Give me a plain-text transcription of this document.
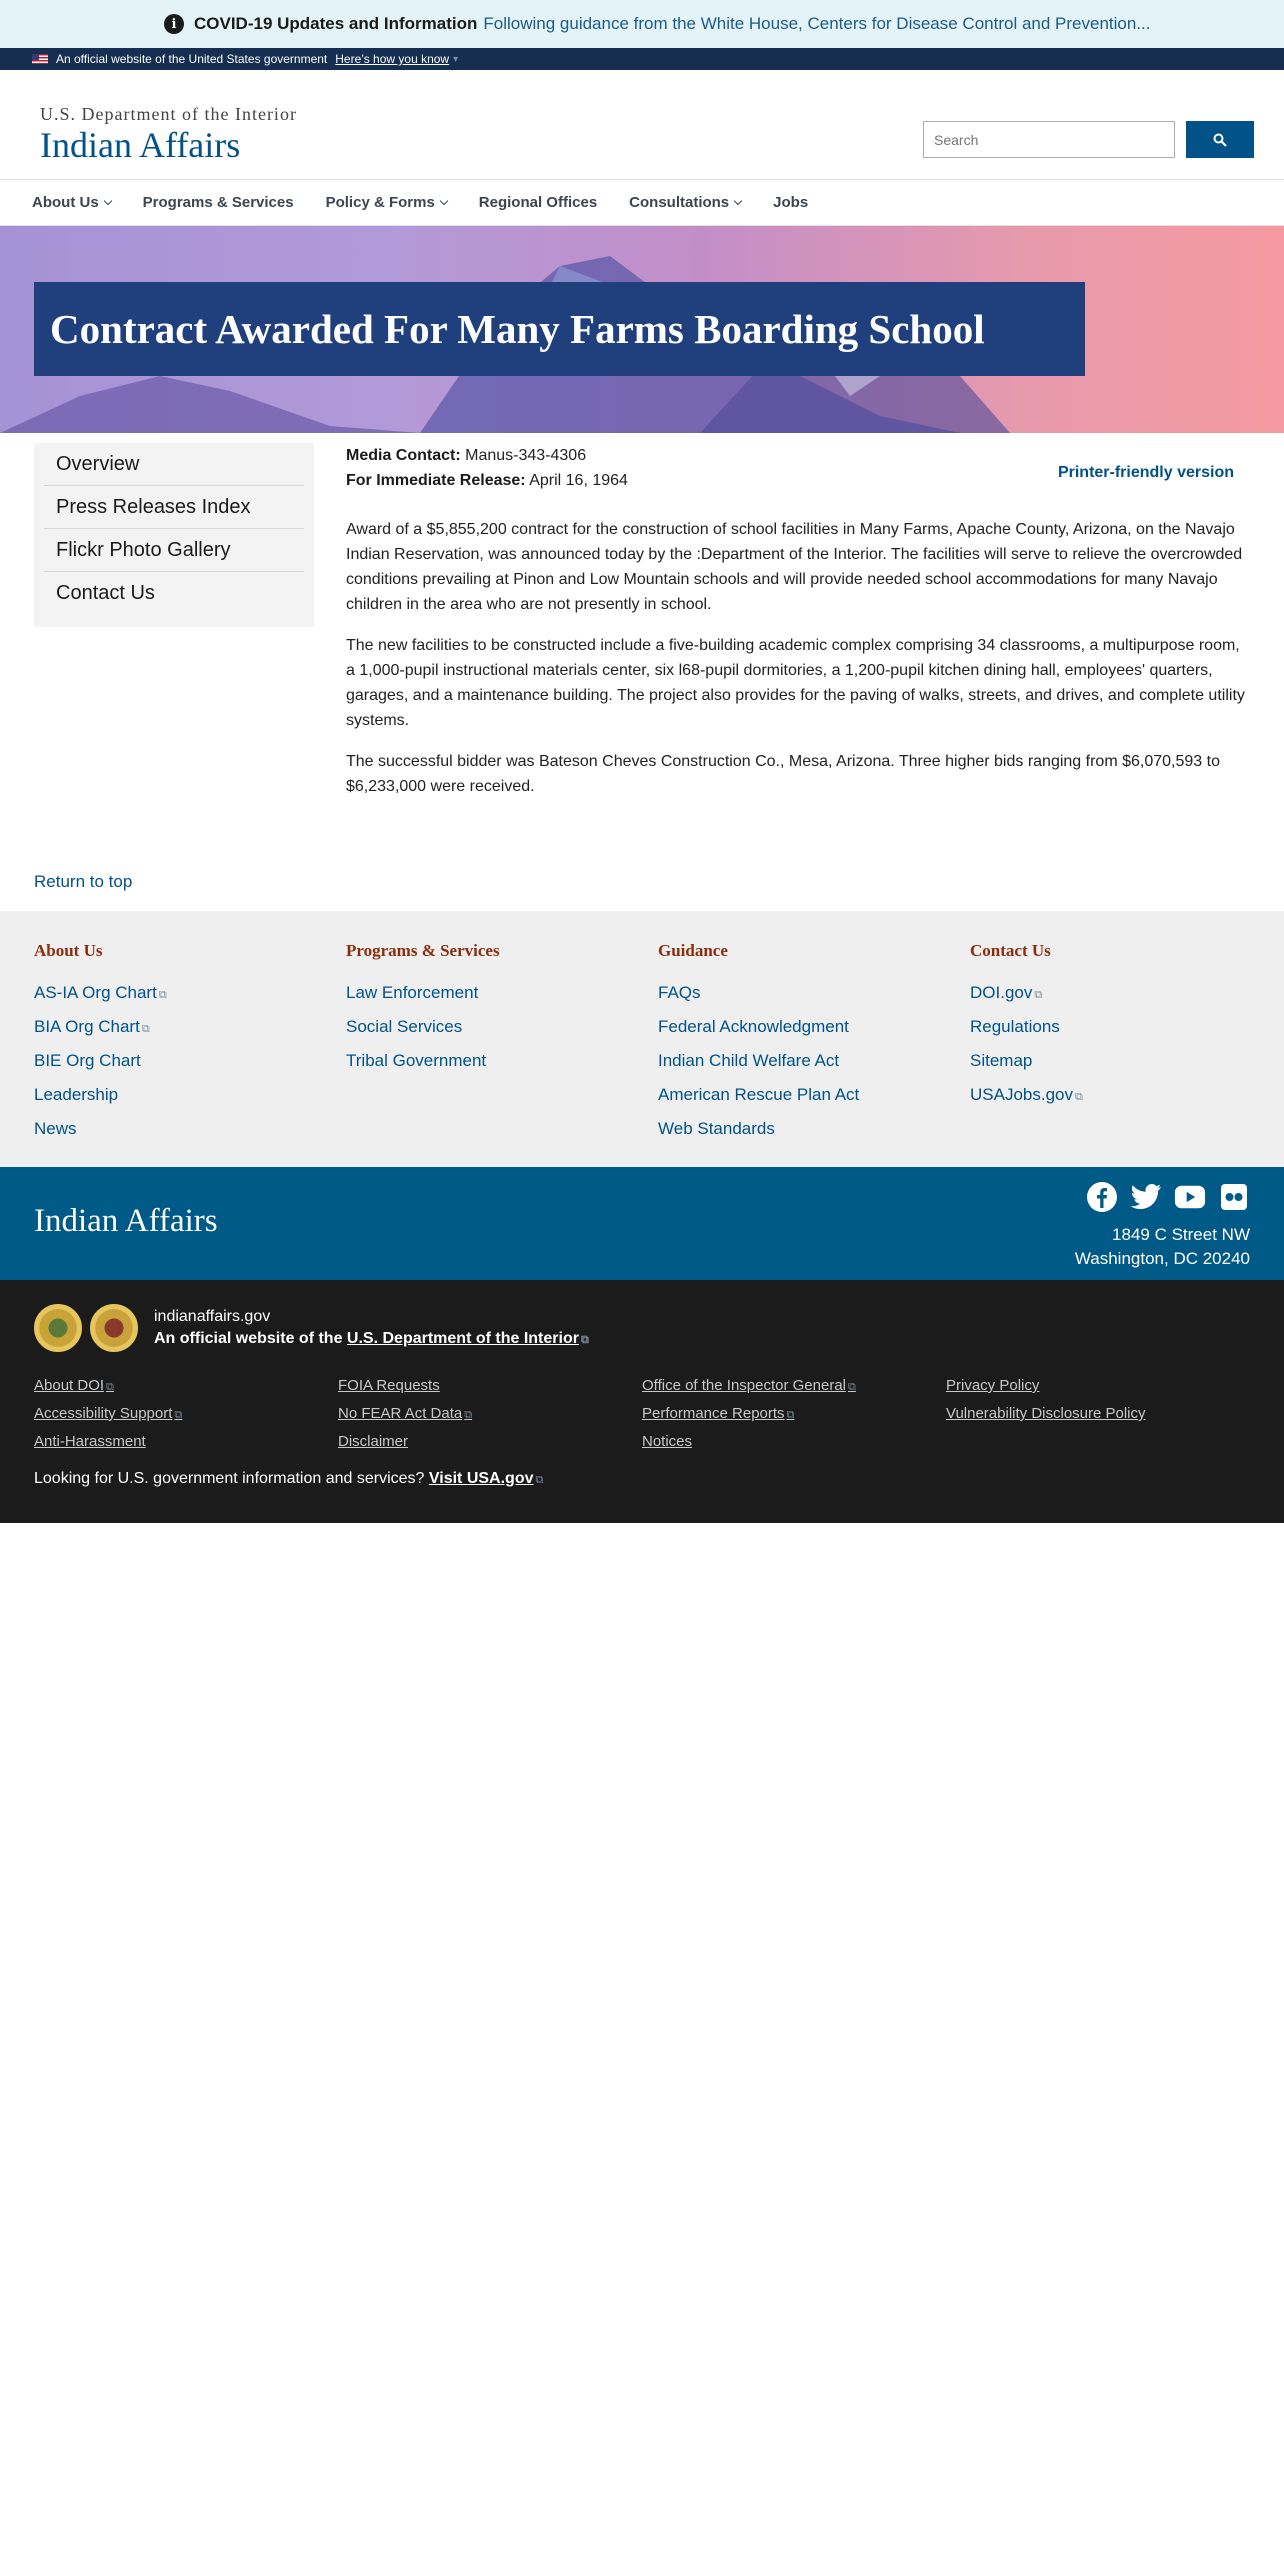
i	COVID-19 Updates and Information Following guidance from the White House, Centers for Disease Control and Prevention...
An official website of the United States government Here’s how you know ▾
U.S. Department of the Interior
Indian Affairs
Search
About Us	Programs & Services Policy & Forms	Regional Offices Consultations	Jobs
Contract Awarded For Many Farms Boarding School
Overview
Press Releases Index
Flickr Photo Gallery
Contact Us
Media Contact: Manus-343-4306
For Immediate Release: April 16, 1964	Printer-friendly version

Award of a $5,855,200 contract for the construction of school facilities in Many Farms, Apache County, Arizona, on the Navajo Indian Reservation, was announced today by the :Department of the Interior. The facilities will serve to relieve the overcrowded conditions prevailing at Pinon and Low Mountain schools and will provide needed school accommodations for many Navajo children in the area who are not presently in school.

The new facilities to be constructed include a five-building academic complex comprising 34 classrooms, a multipurpose room, a 1,000-pupil instructional materials center, six l68-pupil dormitories, a 1,200-pupil kitchen dining hall, employees' quarters, garages, and a maintenance building. The project also provides for the paving of walks, streets, and drives, and complete utility systems.

The successful bidder was Bateson Cheves Construction Co., Mesa, Arizona. Three higher bids ranging from $6,070,593 to $6,233,000 were received.

Return to top
About Us
AS-IA Org Chart ⧉
BIA Org Chart ⧉
BIE Org Chart
Leadership
News
Programs & Services
Law Enforcement
Social Services
Tribal Government
Guidance
FAQs
Federal Acknowledgment
Indian Child Welfare Act
American Rescue Plan Act
Web Standards
Contact Us
DOI.gov ⧉
Regulations
Sitemap
USAJobs.gov ⧉
Indian Affairs	1849 C Street NW
Washington, DC 20240
indianaffairs.gov
An official website of the U.S. Department of the Interior ⧉
About DOI ⧉
Accessibility Support ⧉
Anti-Harassment
FOIA Requests
No FEAR Act Data ⧉
Disclaimer
Office of the Inspector General ⧉
Performance Reports ⧉
Notices
Privacy Policy
Vulnerability Disclosure Policy
Looking for U.S. government information and services? Visit USA.gov ⧉
